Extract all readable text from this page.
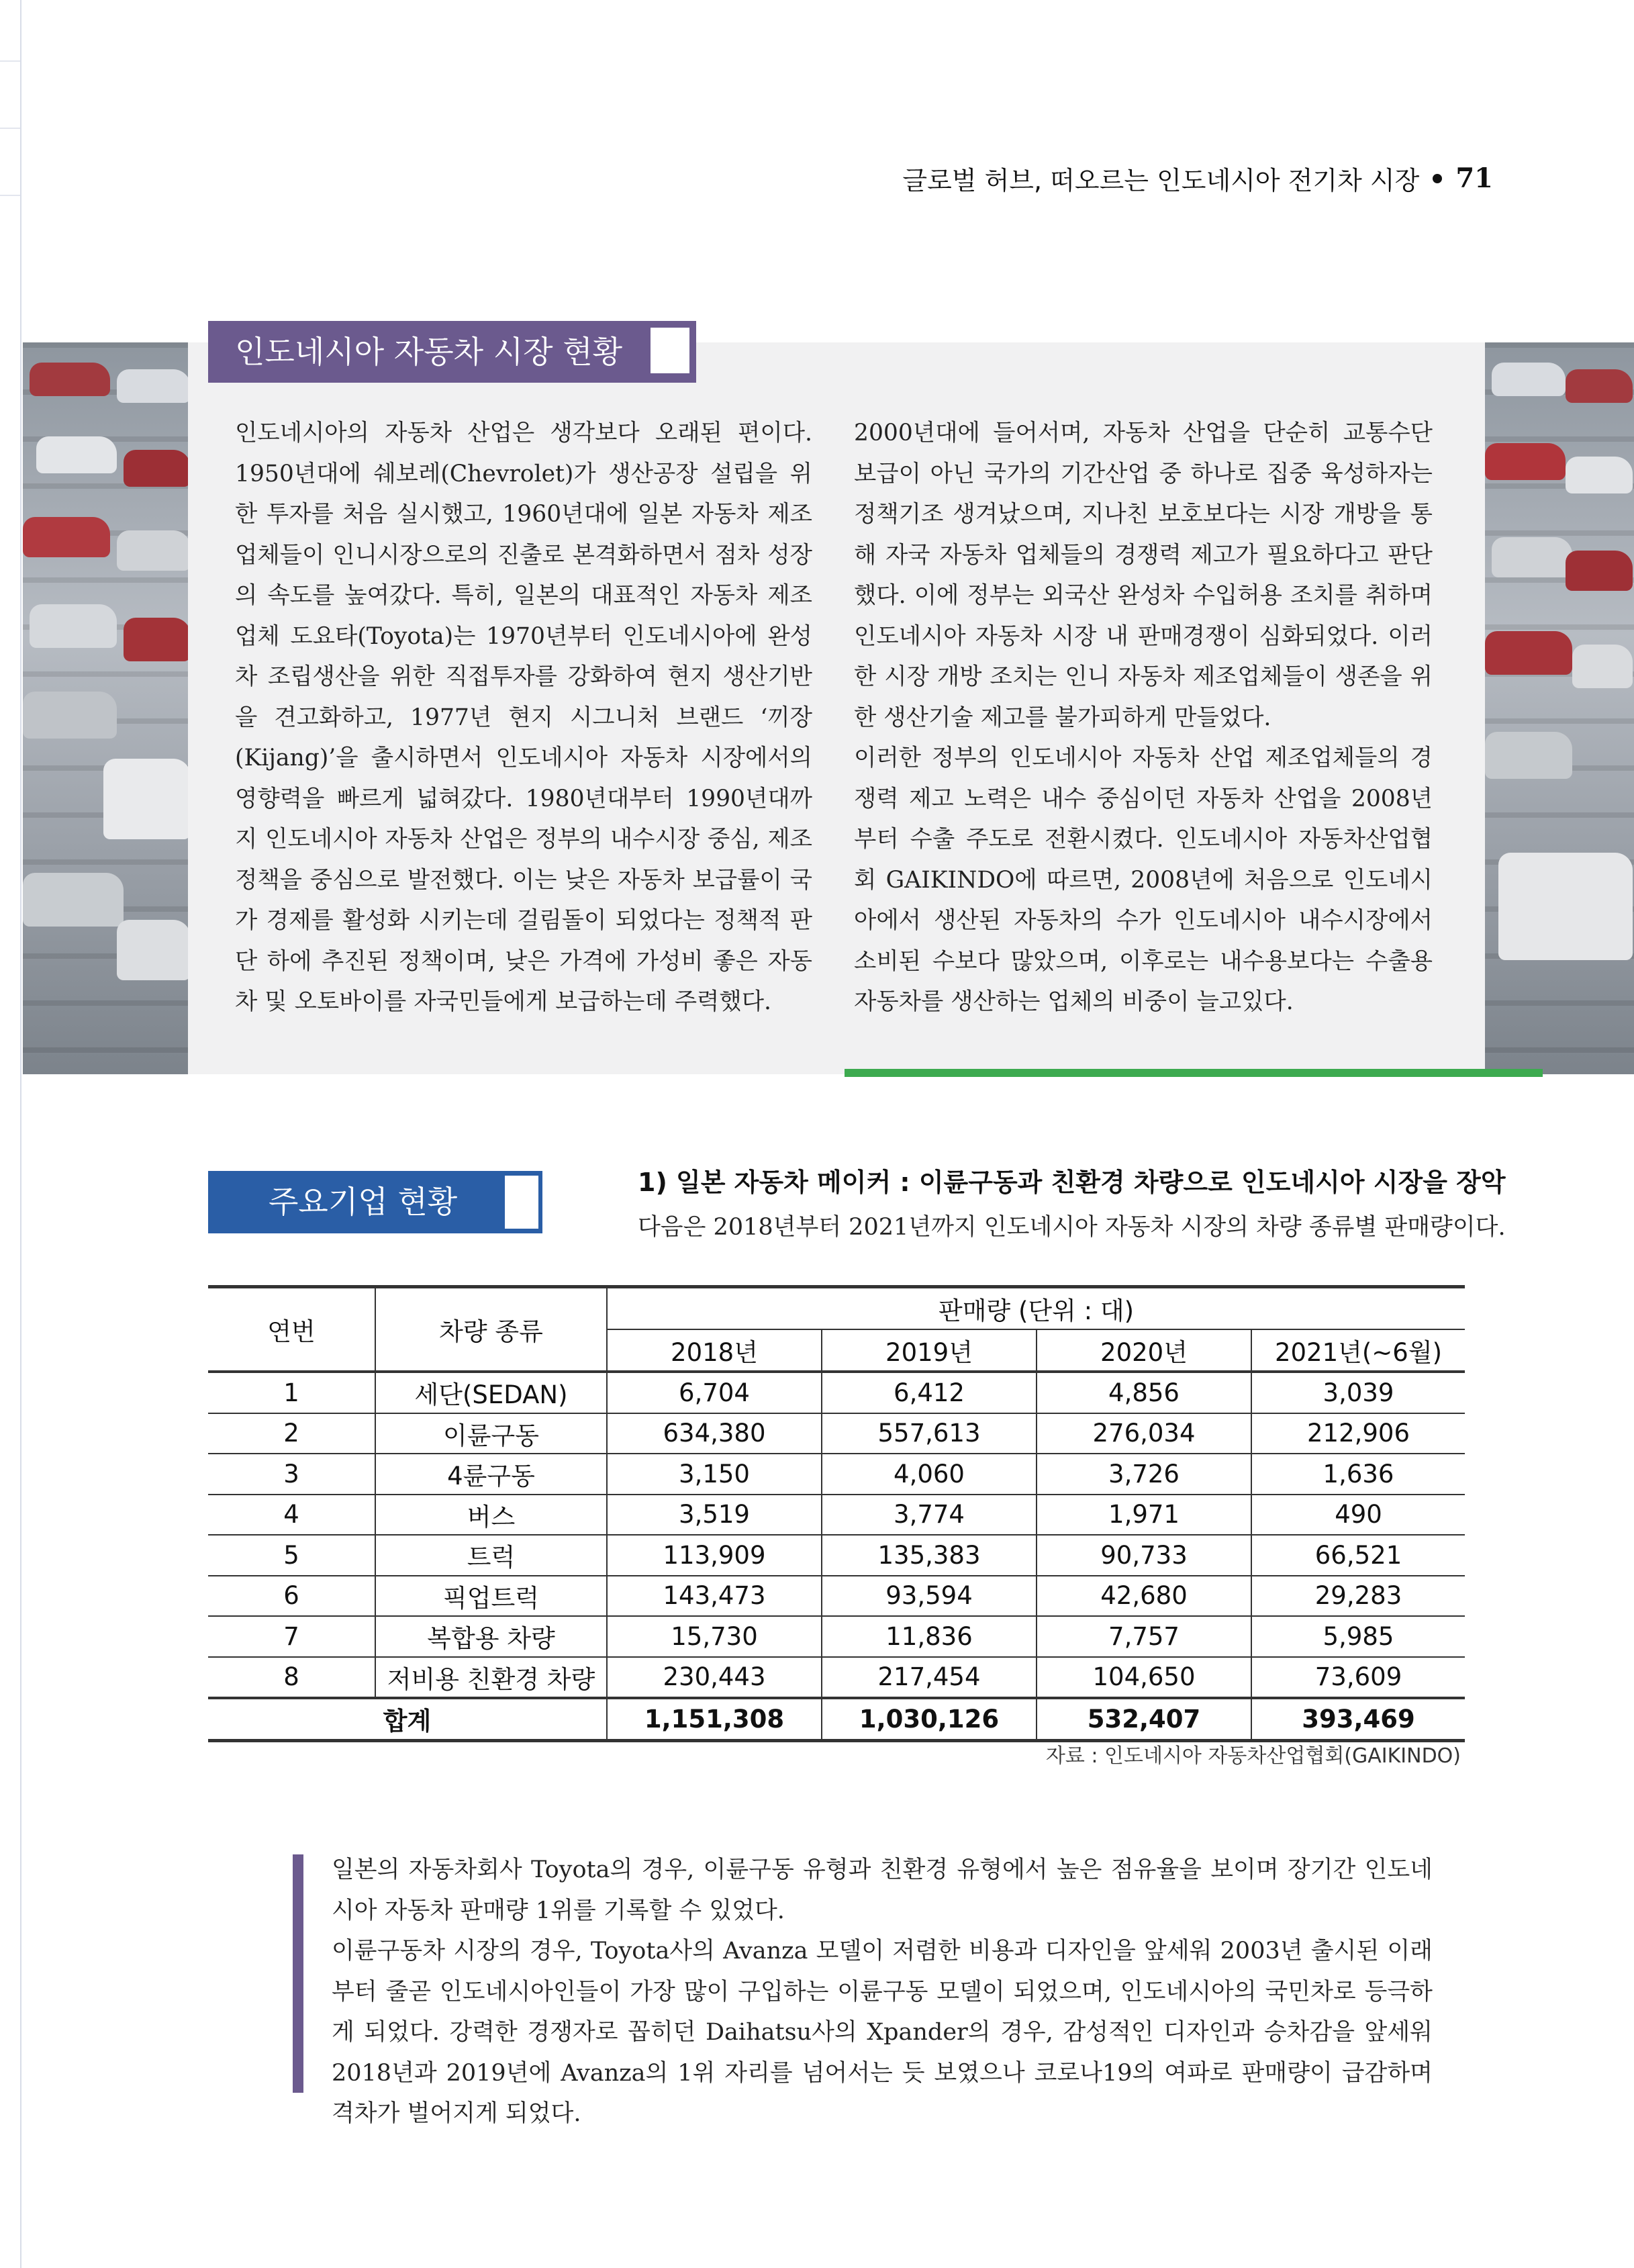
글로벌 허브, 떠오르는 인도네시아 전기차 시장 71
인도네시아 자동차 시장 현황
인도네시아의 자동차 산업은 생각보다 오래된 편이다. 1950년대에 쉐보레(Chevrolet)가 생산공장 설립을 위한 투자를 처음 실시했고, 1960년대에 일본 자동차 제조업체들이 인니시장으로의 진출로 본격화하면서 점차 성장의 속도를 높여갔다. 특히, 일본의 대표적인 자동차 제조업체 도요타(Toyota)는 1970년부터 인도네시아에 완성차 조립생산을 위한 직접투자를 강화하여 현지 생산기반을 견고화하고, 1977년 현지 시그니처 브랜드 ‘끼장(Kijang)’을 출시하면서 인도네시아 자동차 시장에서의 영향력을 빠르게 넓혀갔다. 1980년대부터 1990년대까지 인도네시아 자동차 산업은 정부의 내수시장 중심, 제조정책을 중심으로 발전했다. 이는 낮은 자동차 보급률이 국가 경제를 활성화 시키는데 걸림돌이 되었다는 정책적 판단 하에 추진된 정책이며, 낮은 가격에 가성비 좋은 자동차 및 오토바이를 자국민들에게 보급하는데 주력했다.
2000년대에 들어서며, 자동차 산업을 단순히 교통수단 보급이 아닌 국가의 기간산업 중 하나로 집중 육성하자는 정책기조 생겨났으며, 지나친 보호보다는 시장 개방을 통해 자국 자동차 업체들의 경쟁력 제고가 필요하다고 판단했다. 이에 정부는 외국산 완성차 수입허용 조치를 취하며 인도네시아 자동차 시장 내 판매경쟁이 심화되었다. 이러한 시장 개방 조치는 인니 자동차 제조업체들이 생존을 위한 생산기술 제고를 불가피하게 만들었다.
이러한 정부의 인도네시아 자동차 산업 제조업체들의 경쟁력 제고 노력은 내수 중심이던 자동차 산업을 2008년부터 수출 주도로 전환시켰다. 인도네시아 자동차산업협회 GAIKINDO에 따르면, 2008년에 처음으로 인도네시아에서 생산된 자동차의 수가 인도네시아 내수시장에서 소비된 수보다 많았으며, 이후로는 내수용보다는 수출용 자동차를 생산하는 업체의 비중이 늘고있다.
주요기업 현황
1) 일본 자동차 메이커 : 이륜구동과 친환경 차량으로 인도네시아 시장을 장악
다음은 2018년부터 2021년까지 인도네시아 자동차 시장의 차량 종류별 판매량이다.
연번	차량 종류	판매량 (단위 : 대)			
		2018년	2019년	2020년	2021년(~6월)
1	세단(SEDAN)	6,704	6,412	4,856	3,039
2	이륜구동	634,380	557,613	276,034	212,906
3	4륜구동	3,150	4,060	3,726	1,636
4	버스	3,519	3,774	1,971	490
5	트럭	113,909	135,383	90,733	66,521
6	픽업트럭	143,473	93,594	42,680	29,283
7	복합용 차량	15,730	11,836	7,757	5,985
8	저비용 친환경 차량	230,443	217,454	104,650	73,609
합계		1,151,308	1,030,126	532,407	393,469
자료 : 인도네시아 자동차산업협회(GAIKINDO)

일본의 자동차회사 Toyota의 경우, 이륜구동 유형과 친환경 유형에서 높은 점유율을 보이며 장기간 인도네시아 자동차 판매량 1위를 기록할 수 있었다.

이륜구동차 시장의 경우, Toyota사의 Avanza 모델이 저렴한 비용과 디자인을 앞세워 2003년 출시된 이래부터 줄곧 인도네시아인들이 가장 많이 구입하는 이륜구동 모델이 되었으며, 인도네시아의 국민차로 등극하게 되었다. 강력한 경쟁자로 꼽히던 Daihatsu사의 Xpander의 경우, 감성적인 디자인과 승차감을 앞세워 2018년과 2019년에 Avanza의 1위 자리를 넘어서는 듯 보였으나 코로나19의 여파로 판매량이 급감하며 격차가 벌어지게 되었다.
